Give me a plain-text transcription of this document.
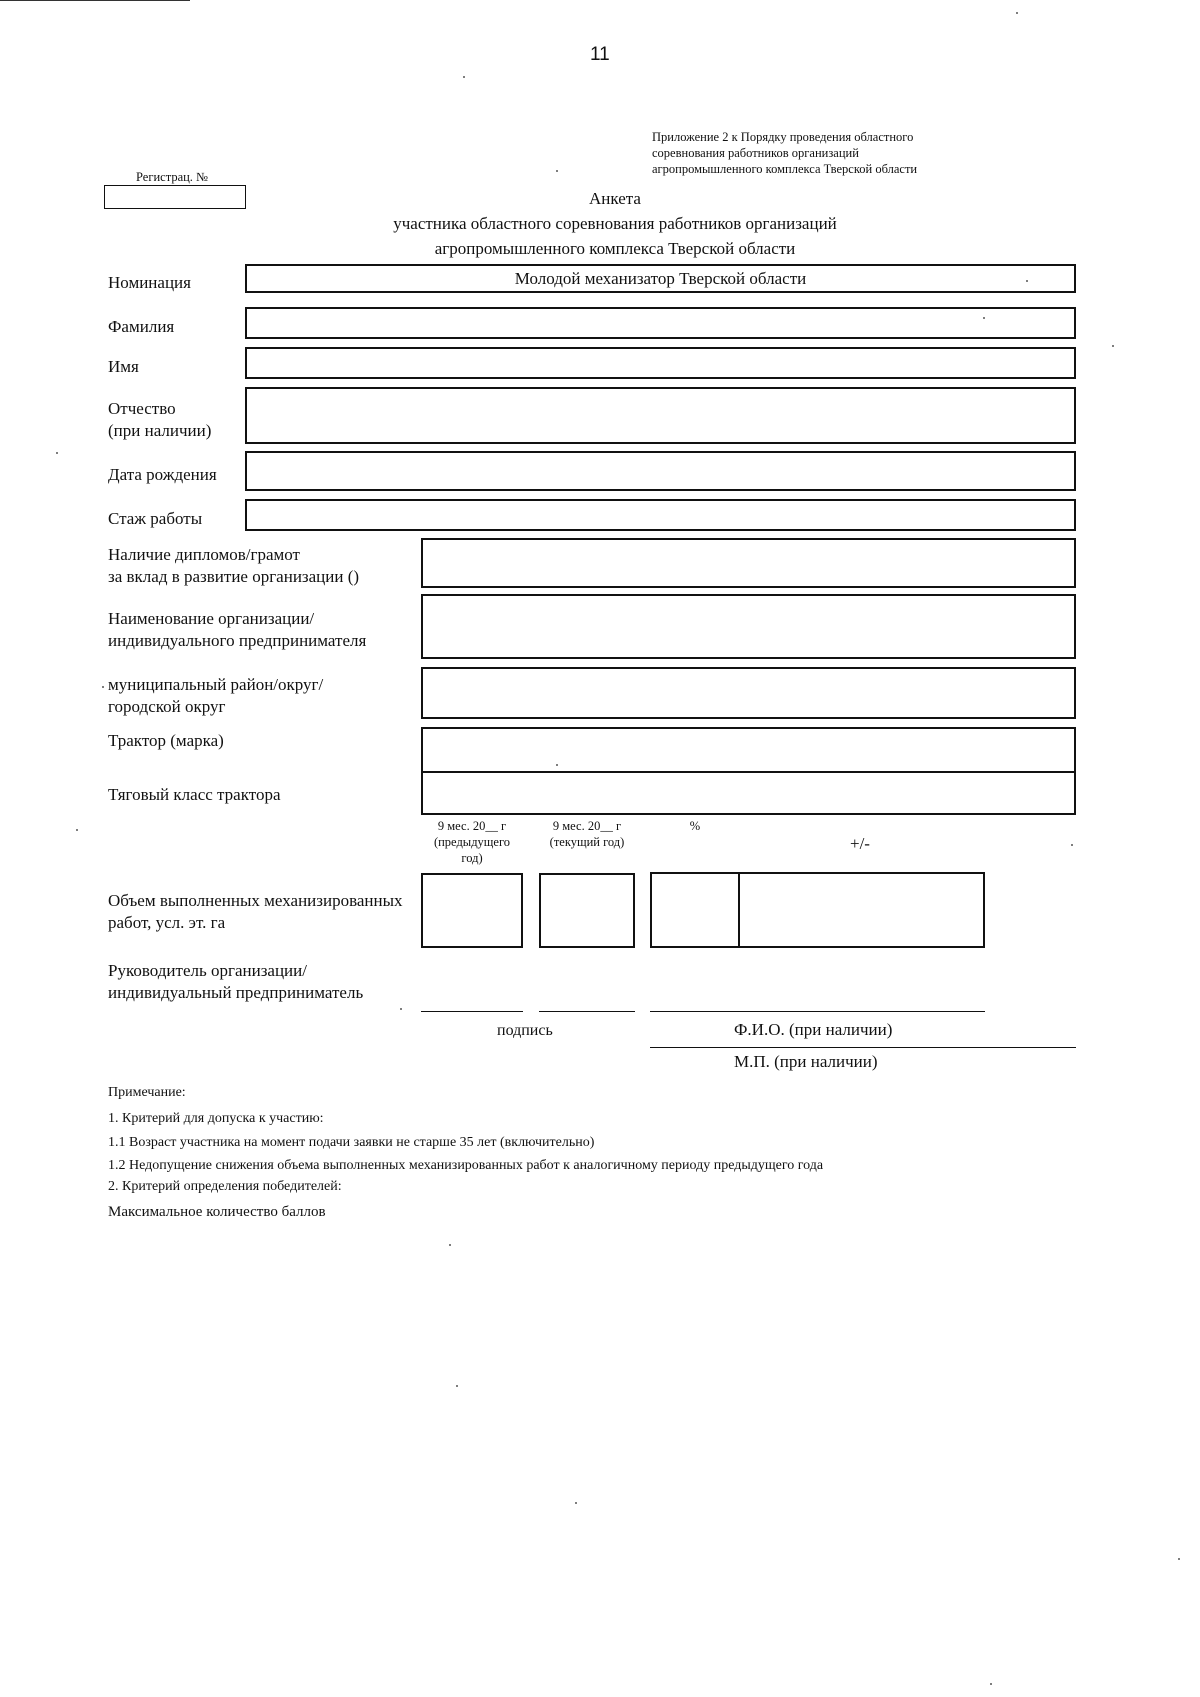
11
Приложение 2 к Порядку проведения областного
соревнования работников организаций
агропромышленного комплекса Тверской области
Регистрац. №
Анкета
участника областного соревнования работников организаций
агропромышленного комплекса Тверской области
Номинация	Молодой механизатор Тверской области
Фамилия
Имя
Отчество
(при наличии)
Дата рождения
Стаж работы
Наличие дипломов/грамот
за вклад в развитие организации ()
Наименование организации/
индивидуального предпринимателя
муниципальный район/округ/
городской округ
Трактор (марка)
Тяговый класс трактора
9 мес. 20__ г
(предыдущего
год)
9 мес. 20__ г
(текущий год)
%
+/-
Объем выполненных механизированных
работ, усл. эт. га
Руководитель организации/
индивидуальный предприниматель
подпись	Ф.И.О. (при наличии)
М.П. (при наличии)
Примечание:
1. Критерий для допуска к участию:
1.1 Возраст участника на момент подачи заявки не старше 35 лет (включительно)
1.2 Недопущение снижения объема выполненных механизированных работ к аналогичному периоду предыдущего года
2. Критерий определения победителей:
Максимальное количество баллов
